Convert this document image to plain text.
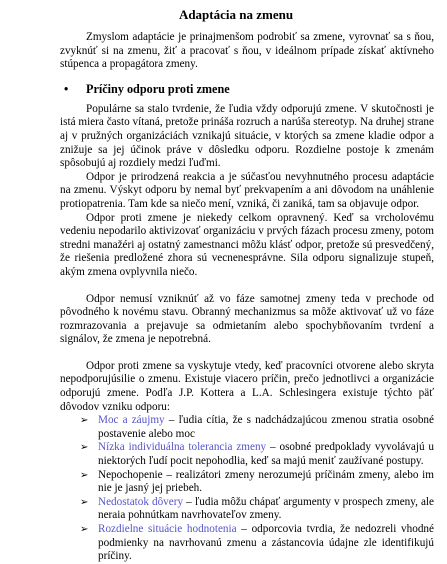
Adaptácia na zmenu

Zmyslom adaptácie je prinajmenšom podrobiť sa zmene, vyrovnať sa s ňou, zvyknúť si na zmenu, žiť a pracovať s ňou, v ideálnom prípade získať aktívneho stúpenca a propagátora zmeny.

•	Príčiny odporu proti zmene

Populárne sa stalo tvrdenie, že ľudia vždy odporujú zmene. V skutočnosti je istá miera často vítaná, pretože prináša rozruch a narúša stereotyp. Na druhej strane aj v pružných organizáciách vznikajú situácie, v ktorých sa zmene kladie odpor a znižuje sa jej účinok práve v dôsledku odporu. Rozdielne postoje k zmenám spôsobujú aj rozdiely medzi ľuďmi.

Odpor je prirodzená reakcia a je súčasťou nevyhnutného procesu adaptácie na zmenu. Výskyt odporu by nemal byť prekvapením a ani dôvodom na unáhlenie protiopatrenia. Tam kde sa niečo mení, vzniká, či zaniká, tam sa objavuje odpor.

Odpor proti zmene je niekedy celkom opravnený. Keď sa vrcholovému vedeniu nepodarilo aktivizovať organizáciu v prvých fázach procesu zmeny, potom stredni manažéri aj ostatný zamestnanci môžu klásť odpor, pretože sú presvedčený, že riešenia predložené zhora sú vecnenesprávne. Sila odporu signalizuje stupeň, akým zmena ovplyvnila niečo.

Odpor nemusí vzniknúť až vo fáze samotnej zmeny teda v prechode od pôvodného k novému stavu. Obranný mechanizmus sa môže aktivovať už vo fáze rozmrazovania a prejavuje sa odmietaním alebo spochybňovaním tvrdení a signálov, že zmena je nepotrebná.

Odpor proti zmene sa vyskytuje vtedy, keď pracovníci otvorene alebo skryta nepodporujúsilie o zmenu. Existuje viacero príčin, prečo jednotlivci a organizácie odporujú zmene. Podľa J.P. Kottera a L.A. Schlesingera existuje týchto päť dôvodov vzniku odporu:

➢ Moc a záujmy – ľudia cítia, že s nadchádzajúcou zmenou stratia osobné postavenie alebo moc
➢ Nízka individuálna tolerancia zmeny – osobné predpoklady vyvolávajú u niektorých ľudí pocit nepohodlia, keď sa majú meniť zaužívané postupy.
➢ Nepochopenie – realizátori zmeny nerozumejú príčinám zmeny, alebo im nie je jasný jej priebeh.
➢ Nedostatok dôvery – ľudia môžu chápať argumenty v prospech zmeny, ale neraia pohnútkam navrhovateľov zmeny.
➢ Rozdielne situácie hodnotenia – odporcovia tvrdia, že nedozreli vhodné podmienky na navrhovanú zmenu a zástancovia údajne zle identifikujú príčiny.
